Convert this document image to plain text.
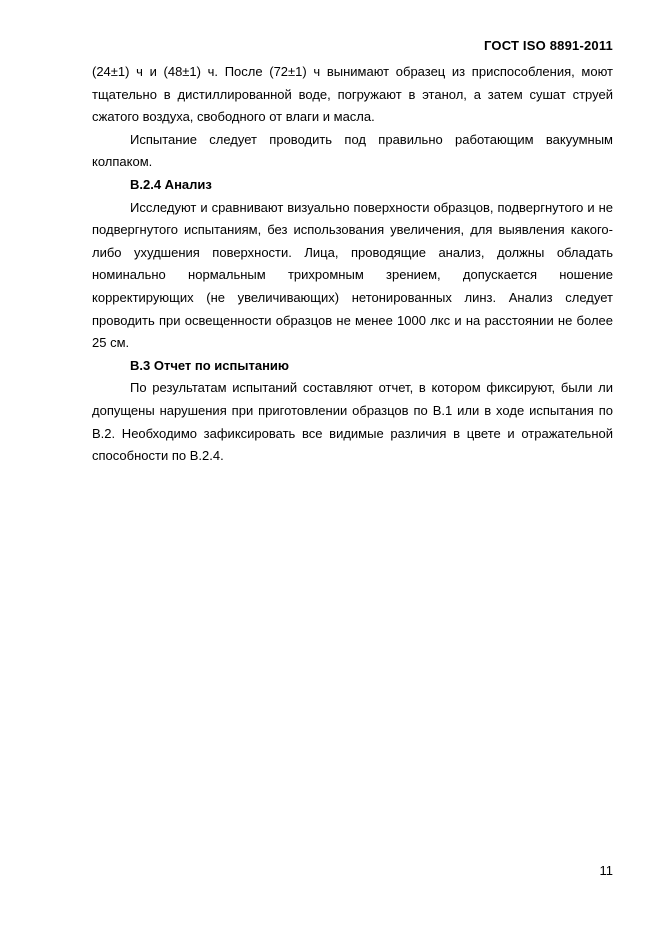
ГОСТ ISO 8891-2011

(24±1) ч и (48±1) ч. После (72±1) ч вынимают образец из приспособления, моют тщательно в дистиллированной воде, погружают в этанол, а затем сушат струей сжатого воздуха, свободного от влаги и масла.

Испытание следует проводить под правильно работающим вакуумным колпаком.

В.2.4 Анализ

Исследуют и сравнивают визуально поверхности образцов, подвергнутого и не подвергнутого испытаниям, без использования увеличения, для выявления какого-либо ухудшения поверхности. Лица, проводящие анализ, должны обладать номинально нормальным трихромным зрением, допускается ношение корректирующих (не увеличивающих) нетонированных линз. Анализ следует проводить при освещенности образцов не менее 1000 лкс и на расстоянии не более 25 см.

В.3 Отчет по испытанию

По результатам испытаний составляют отчет, в котором фиксируют, были ли допущены нарушения при приготовлении образцов по В.1 или в ходе испытания по В.2. Необходимо зафиксировать все видимые различия в цвете и отражательной способности по В.2.4.

11
